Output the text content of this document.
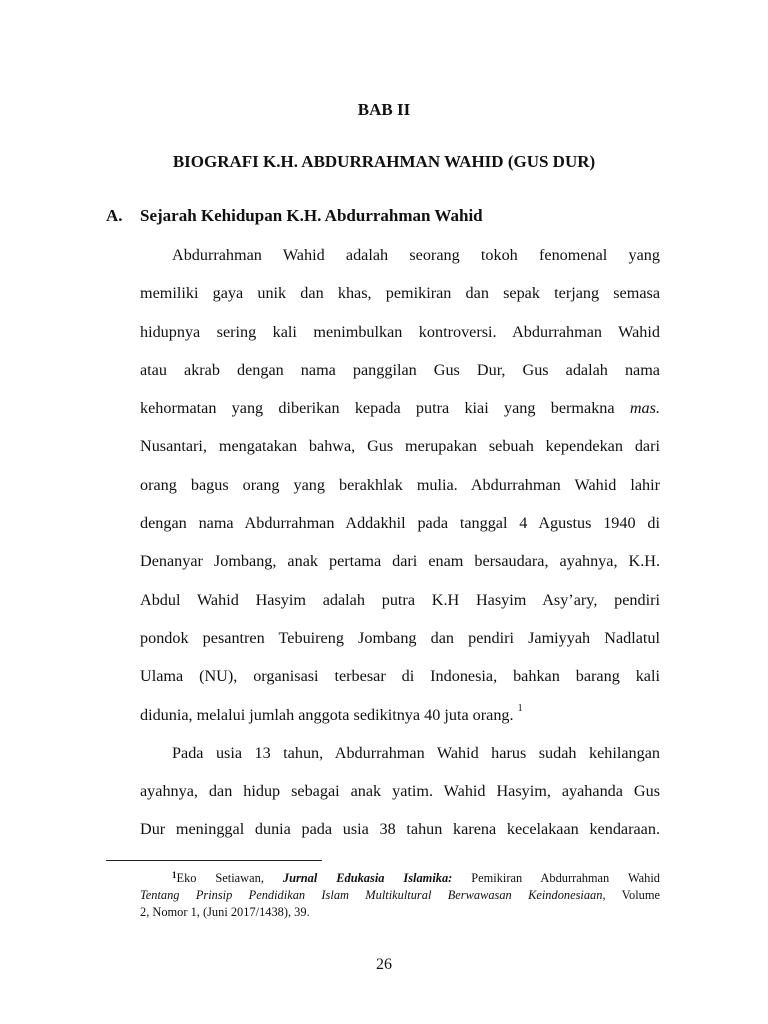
BAB II
BIOGRAFI K.H. ABDURRAHMAN WAHID (GUS DUR)
A. Sejarah Kehidupan K.H. Abdurrahman Wahid
Abdurrahman Wahid adalah seorang tokoh fenomenal yang
memiliki gaya unik dan khas, pemikiran dan sepak terjang semasa
hidupnya sering kali menimbulkan kontroversi. Abdurrahman Wahid
atau akrab dengan nama panggilan Gus Dur, Gus adalah nama
kehormatan yang diberikan kepada putra kiai yang bermakna mas.
Nusantari, mengatakan bahwa, Gus merupakan sebuah kependekan dari
orang bagus orang yang berakhlak mulia. Abdurrahman Wahid lahir
dengan nama Abdurrahman Addakhil pada tanggal 4 Agustus 1940 di
Denanyar Jombang, anak pertama dari enam bersaudara, ayahnya, K.H.
Abdul Wahid Hasyim adalah putra K.H Hasyim Asy’ary, pendiri
pondok pesantren Tebuireng Jombang dan pendiri Jamiyyah Nadlatul
Ulama (NU), organisasi terbesar di Indonesia, bahkan barang kali
didunia, melalui jumlah anggota sedikitnya 40 juta orang. $^1$
Pada usia 13 tahun, Abdurrahman Wahid harus sudah kehilangan
ayahnya, dan hidup sebagai anak yatim. Wahid Hasyim, ayahanda Gus
Dur meninggal dunia pada usia 38 tahun karena kecelakaan kendaraan.
$^1$Eko Setiawan, Jurnal Edukasia Islamika: Pemikiran Abdurrahman Wahid
Tentang Prinsip Pendidikan Islam Multikultural Berwawasan Keindonesiaan, Volume
2, Nomor 1, (Juni 2017/1438), 39.
26
